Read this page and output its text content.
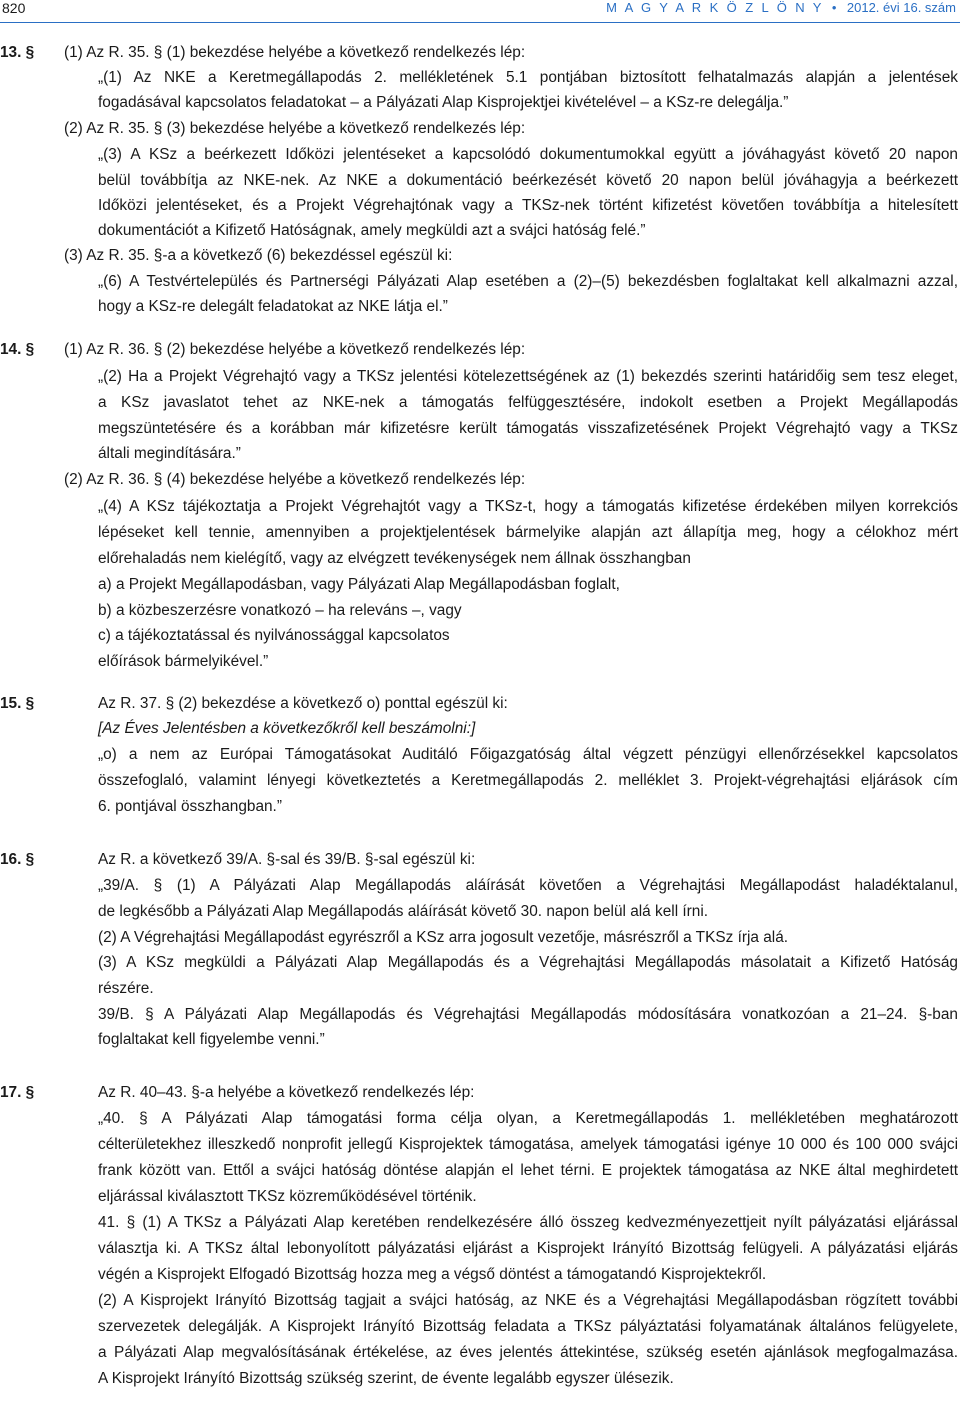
820	M A G Y A R K Ö Z L Ö N Y • 2012. évi 16. szám
13. § (1) Az R. 35. § (1) bekezdése helyébe a következő rendelkezés lép:
„(1) Az NKE a Keretmegállapodás 2. mellékletének 5.1 pontjában biztosított felhatalmazás alapján a jelentések
fogadásával kapcsolatos feladatokat – a Pályázati Alap Kisprojektjei kivételével – a KSz-re delegálja.”
(2) Az R. 35. § (3) bekezdése helyébe a következő rendelkezés lép:
„(3) A KSz a beérkezett Időközi jelentéseket a kapcsolódó dokumentumokkal együtt a jóváhagyást követő 20 napon
belül továbbítja az NKE-nek. Az NKE a dokumentáció beérkezését követő 20 napon belül jóváhagyja a beérkezett
Időközi jelentéseket, és a Projekt Végrehajtónak vagy a TKSz-nek történt kifizetést követően továbbítja a hitelesített
dokumentációt a Kifizető Hatóságnak, amely megküldi azt a svájci hatóság felé.”
(3) Az R. 35. §-a a következő (6) bekezdéssel egészül ki:
„(6) A Testvértelepülés és Partnerségi Pályázati Alap esetében a (2)–(5) bekezdésben foglaltakat kell alkalmazni azzal,
hogy a KSz-re delegált feladatokat az NKE látja el.”
14. § (1) Az R. 36. § (2) bekezdése helyébe a következő rendelkezés lép:
„(2) Ha a Projekt Végrehajtó vagy a TKSz jelentési kötelezettségének az (1) bekezdés szerinti határidőig sem tesz eleget,
a KSz javaslatot tehet az NKE-nek a támogatás felfüggesztésére, indokolt esetben a Projekt Megállapodás
megszüntetésére és a korábban már kifizetésre került támogatás visszafizetésének Projekt Végrehajtó vagy a TKSz
általi megindítására.”
(2) Az R. 36. § (4) bekezdése helyébe a következő rendelkezés lép:
„(4) A KSz tájékoztatja a Projekt Végrehajtót vagy a TKSz-t, hogy a támogatás kifizetése érdekében milyen korrekciós
lépéseket kell tennie, amennyiben a projektjelentések bármelyike alapján azt állapítja meg, hogy a célokhoz mért
előrehaladás nem kielégítő, vagy az elvégzett tevékenységek nem állnak összhangban
a) a Projekt Megállapodásban, vagy Pályázati Alap Megállapodásban foglalt,
b) a közbeszerzésre vonatkozó – ha releváns –, vagy
c) a tájékoztatással és nyilvánossággal kapcsolatos
előírások bármelyikével.”
15. §	Az R. 37. § (2) bekezdése a következő o) ponttal egészül ki:
[Az Éves Jelentésben a következőkről kell beszámolni:]
„o) a nem az Európai Támogatásokat Auditáló Főigazgatóság által végzett pénzügyi ellenőrzésekkel kapcsolatos
összefoglaló, valamint lényegi következtetés a Keretmegállapodás 2. melléklet 3. Projekt-végrehajtási eljárások cím
6. pontjával összhangban.”
16. §	Az R. a következő 39/A. §-sal és 39/B. §-sal egészül ki:
„39/A. § (1) A Pályázati Alap Megállapodás aláírását követően a Végrehajtási Megállapodást haladéktalanul,
de legkésőbb a Pályázati Alap Megállapodás aláírását követő 30. napon belül alá kell írni.
(2) A Végrehajtási Megállapodást egyrészről a KSz arra jogosult vezetője, másrészről a TKSz írja alá.
(3) A KSz megküldi a Pályázati Alap Megállapodás és a Végrehajtási Megállapodás másolatait a Kifizető Hatóság
részére.
39/B. § A Pályázati Alap Megállapodás és Végrehajtási Megállapodás módosítására vonatkozóan a 21–24. §-ban
foglaltakat kell figyelembe venni.”
17. §	Az R. 40–43. §-a helyébe a következő rendelkezés lép:
„40. § A Pályázati Alap támogatási forma célja olyan, a Keretmegállapodás 1. mellékletében meghatározott
célterületekhez illeszkedő nonprofit jellegű Kisprojektek támogatása, amelyek támogatási igénye 10 000 és 100 000 svájci
frank között van. Ettől a svájci hatóság döntése alapján el lehet térni. E projektek támogatása az NKE által meghirdetett
eljárással kiválasztott TKSz közreműködésével történik.
41. § (1) A TKSz a Pályázati Alap keretében rendelkezésére álló összeg kedvezményezettjeit nyílt pályázatási eljárással
választja ki. A TKSz által lebonyolított pályázatási eljárást a Kisprojekt Irányító Bizottság felügyeli. A pályázatási eljárás
végén a Kisprojekt Elfogadó Bizottság hozza meg a végső döntést a támogatandó Kisprojektekről.
(2) A Kisprojekt Irányító Bizottság tagjait a svájci hatóság, az NKE és a Végrehajtási Megállapodásban rögzített további
szervezetek delegálják. A Kisprojekt Irányító Bizottság feladata a TKSz pályáztatási folyamatának általános felügyelete,
a Pályázati Alap megvalósításának értékelése, az éves jelentés áttekintése, szükség esetén ajánlások megfogalmazása.
A Kisprojekt Irányító Bizottság szükség szerint, de évente legalább egyszer ülésezik.
